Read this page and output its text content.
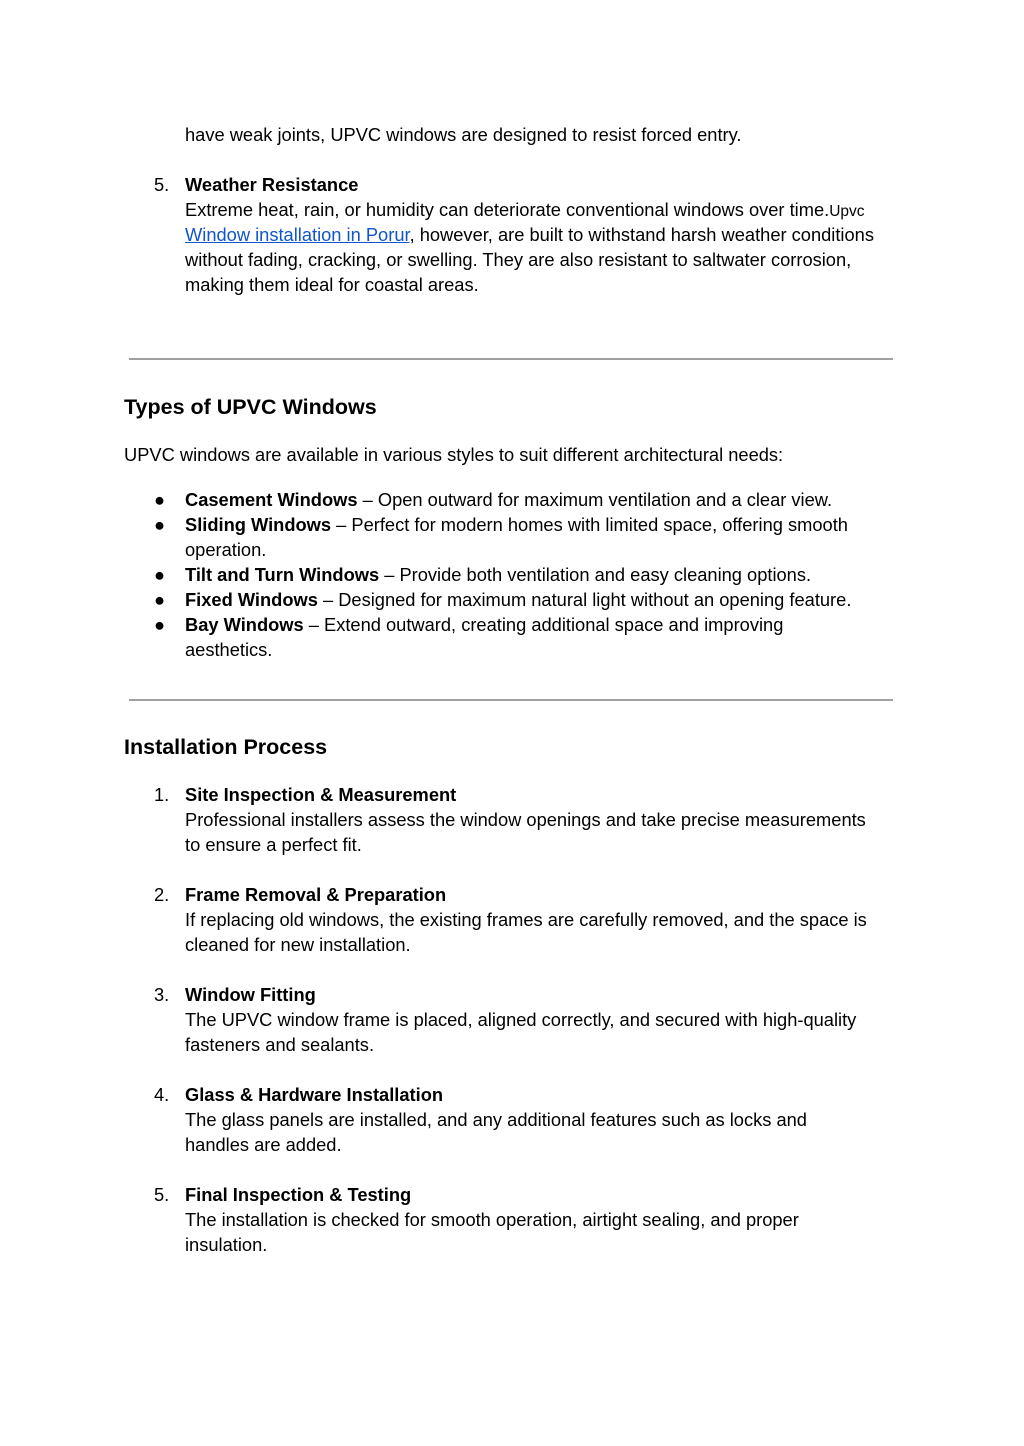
have weak joints, UPVC windows are designed to resist forced entry.
5. Weather Resistance
Extreme heat, rain, or humidity can deteriorate conventional windows over time.Upvc
Window installation in Porur, however, are built to withstand harsh weather conditions
without fading, cracking, or swelling. They are also resistant to saltwater corrosion,
making them ideal for coastal areas.
Types of UPVC Windows
UPVC windows are available in various styles to suit different architectural needs:
●	Casement Windows – Open outward for maximum ventilation and a clear view.
●	Sliding Windows – Perfect for modern homes with limited space, offering smooth
operation.
●	Tilt and Turn Windows – Provide both ventilation and easy cleaning options.
●	Fixed Windows – Designed for maximum natural light without an opening feature.
●	Bay Windows – Extend outward, creating additional space and improving
aesthetics.
Installation Process
1. Site Inspection & Measurement
Professional installers assess the window openings and take precise measurements
to ensure a perfect fit.
2. Frame Removal & Preparation
If replacing old windows, the existing frames are carefully removed, and the space is
cleaned for new installation.
3. Window Fitting
The UPVC window frame is placed, aligned correctly, and secured with high-quality
fasteners and sealants.
4. Glass & Hardware Installation
The glass panels are installed, and any additional features such as locks and
handles are added.
5. Final Inspection & Testing
The installation is checked for smooth operation, airtight sealing, and proper
insulation.
